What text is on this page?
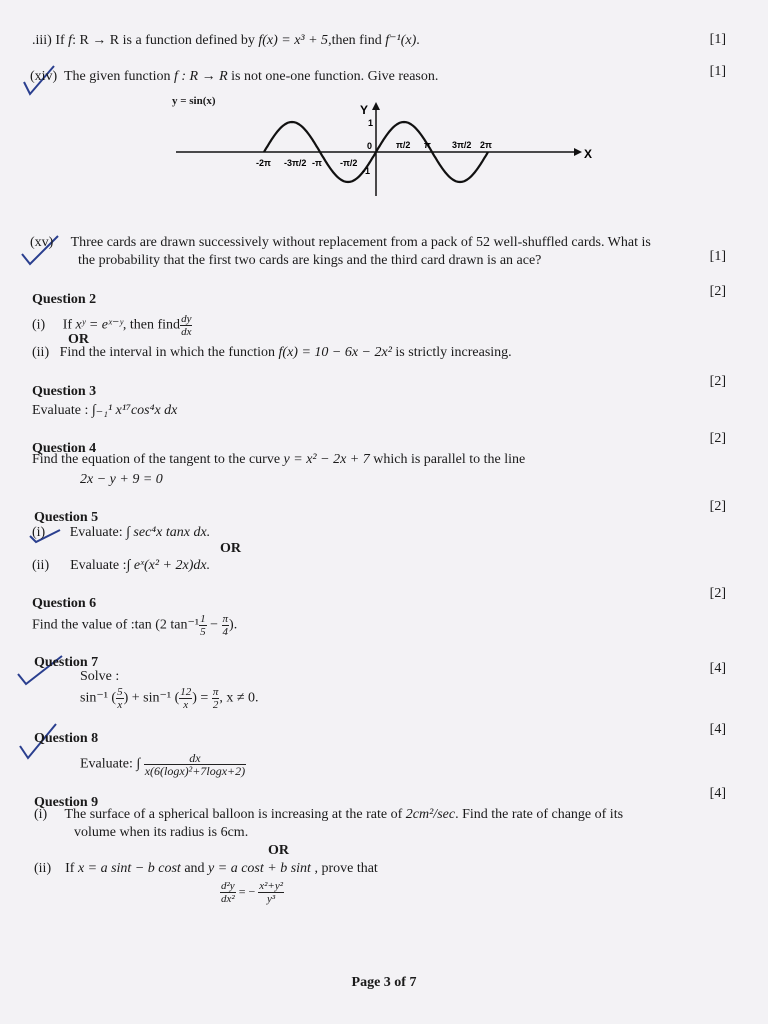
.iii) If f: R → R is a function defined by f(x) = x³ + 5,then find f⁻¹(x).	[1]
(xiv) The given function f : R → R is not one-one function. Give reason.	[1]
y = sin(x)
Y
X
1
-1
-2π -3π/2 -π -π/2
0	π/2 π 3π/2 2π
(xv) Three cards are drawn successively without replacement from a pack of 52 well-shuffled cards. What is
the probability that the first two cards are kings and the third card drawn is an ace?	[1]
Question 2
[2]
(i) If xʸ = eˣ⁻ʸ, then find $\frac{dy}{dx}$
OR
(ii) Find the interval in which the function f(x) = 10 − 6x − 2x² is strictly increasing.
Question 3
[2]
Evaluate : ∫₋₁¹ x¹⁷cos⁴x dx
Question 4
[2]
Find the equation of the tangent to the curve y = x² − 2x + 7 which is parallel to the line
2x − y + 9 = 0
Question 5
[2]
(i) Evaluate: ∫ sec⁴x tanx dx.
OR
(ii) Evaluate :∫ eˣ(x² + 2x)dx.
Question 6
[2]
Find the value of :tan (2 $\tan^{-1} \frac{1}{5} - \frac{\pi}{4}$ ).
Question 7	[4]
Solve :
sin⁻¹ ( $\frac{5}{x}$ ) + sin⁻¹ ( $\frac{12}{x}$ ) = $\frac{\pi}{2}$ , x ≠ 0.
Question 8
[4]
Evaluate: ∫ $\frac{dx}{\text{x(6(logx)²+7logx+2)}}$
Question 9
[4]
(i) The surface of a spherical balloon is increasing at the rate of 2cm²/sec. Find the rate of change of its
volume when its radius is 6cm.
OR
(ii) If x = a sint − b cost and y = a cost + b sint , prove that
$\frac{\text{d²y}}{\text{dx²}}$ = − $\frac{\text{x²+y²}}{\text{y³}}$
Page 3 of 7
